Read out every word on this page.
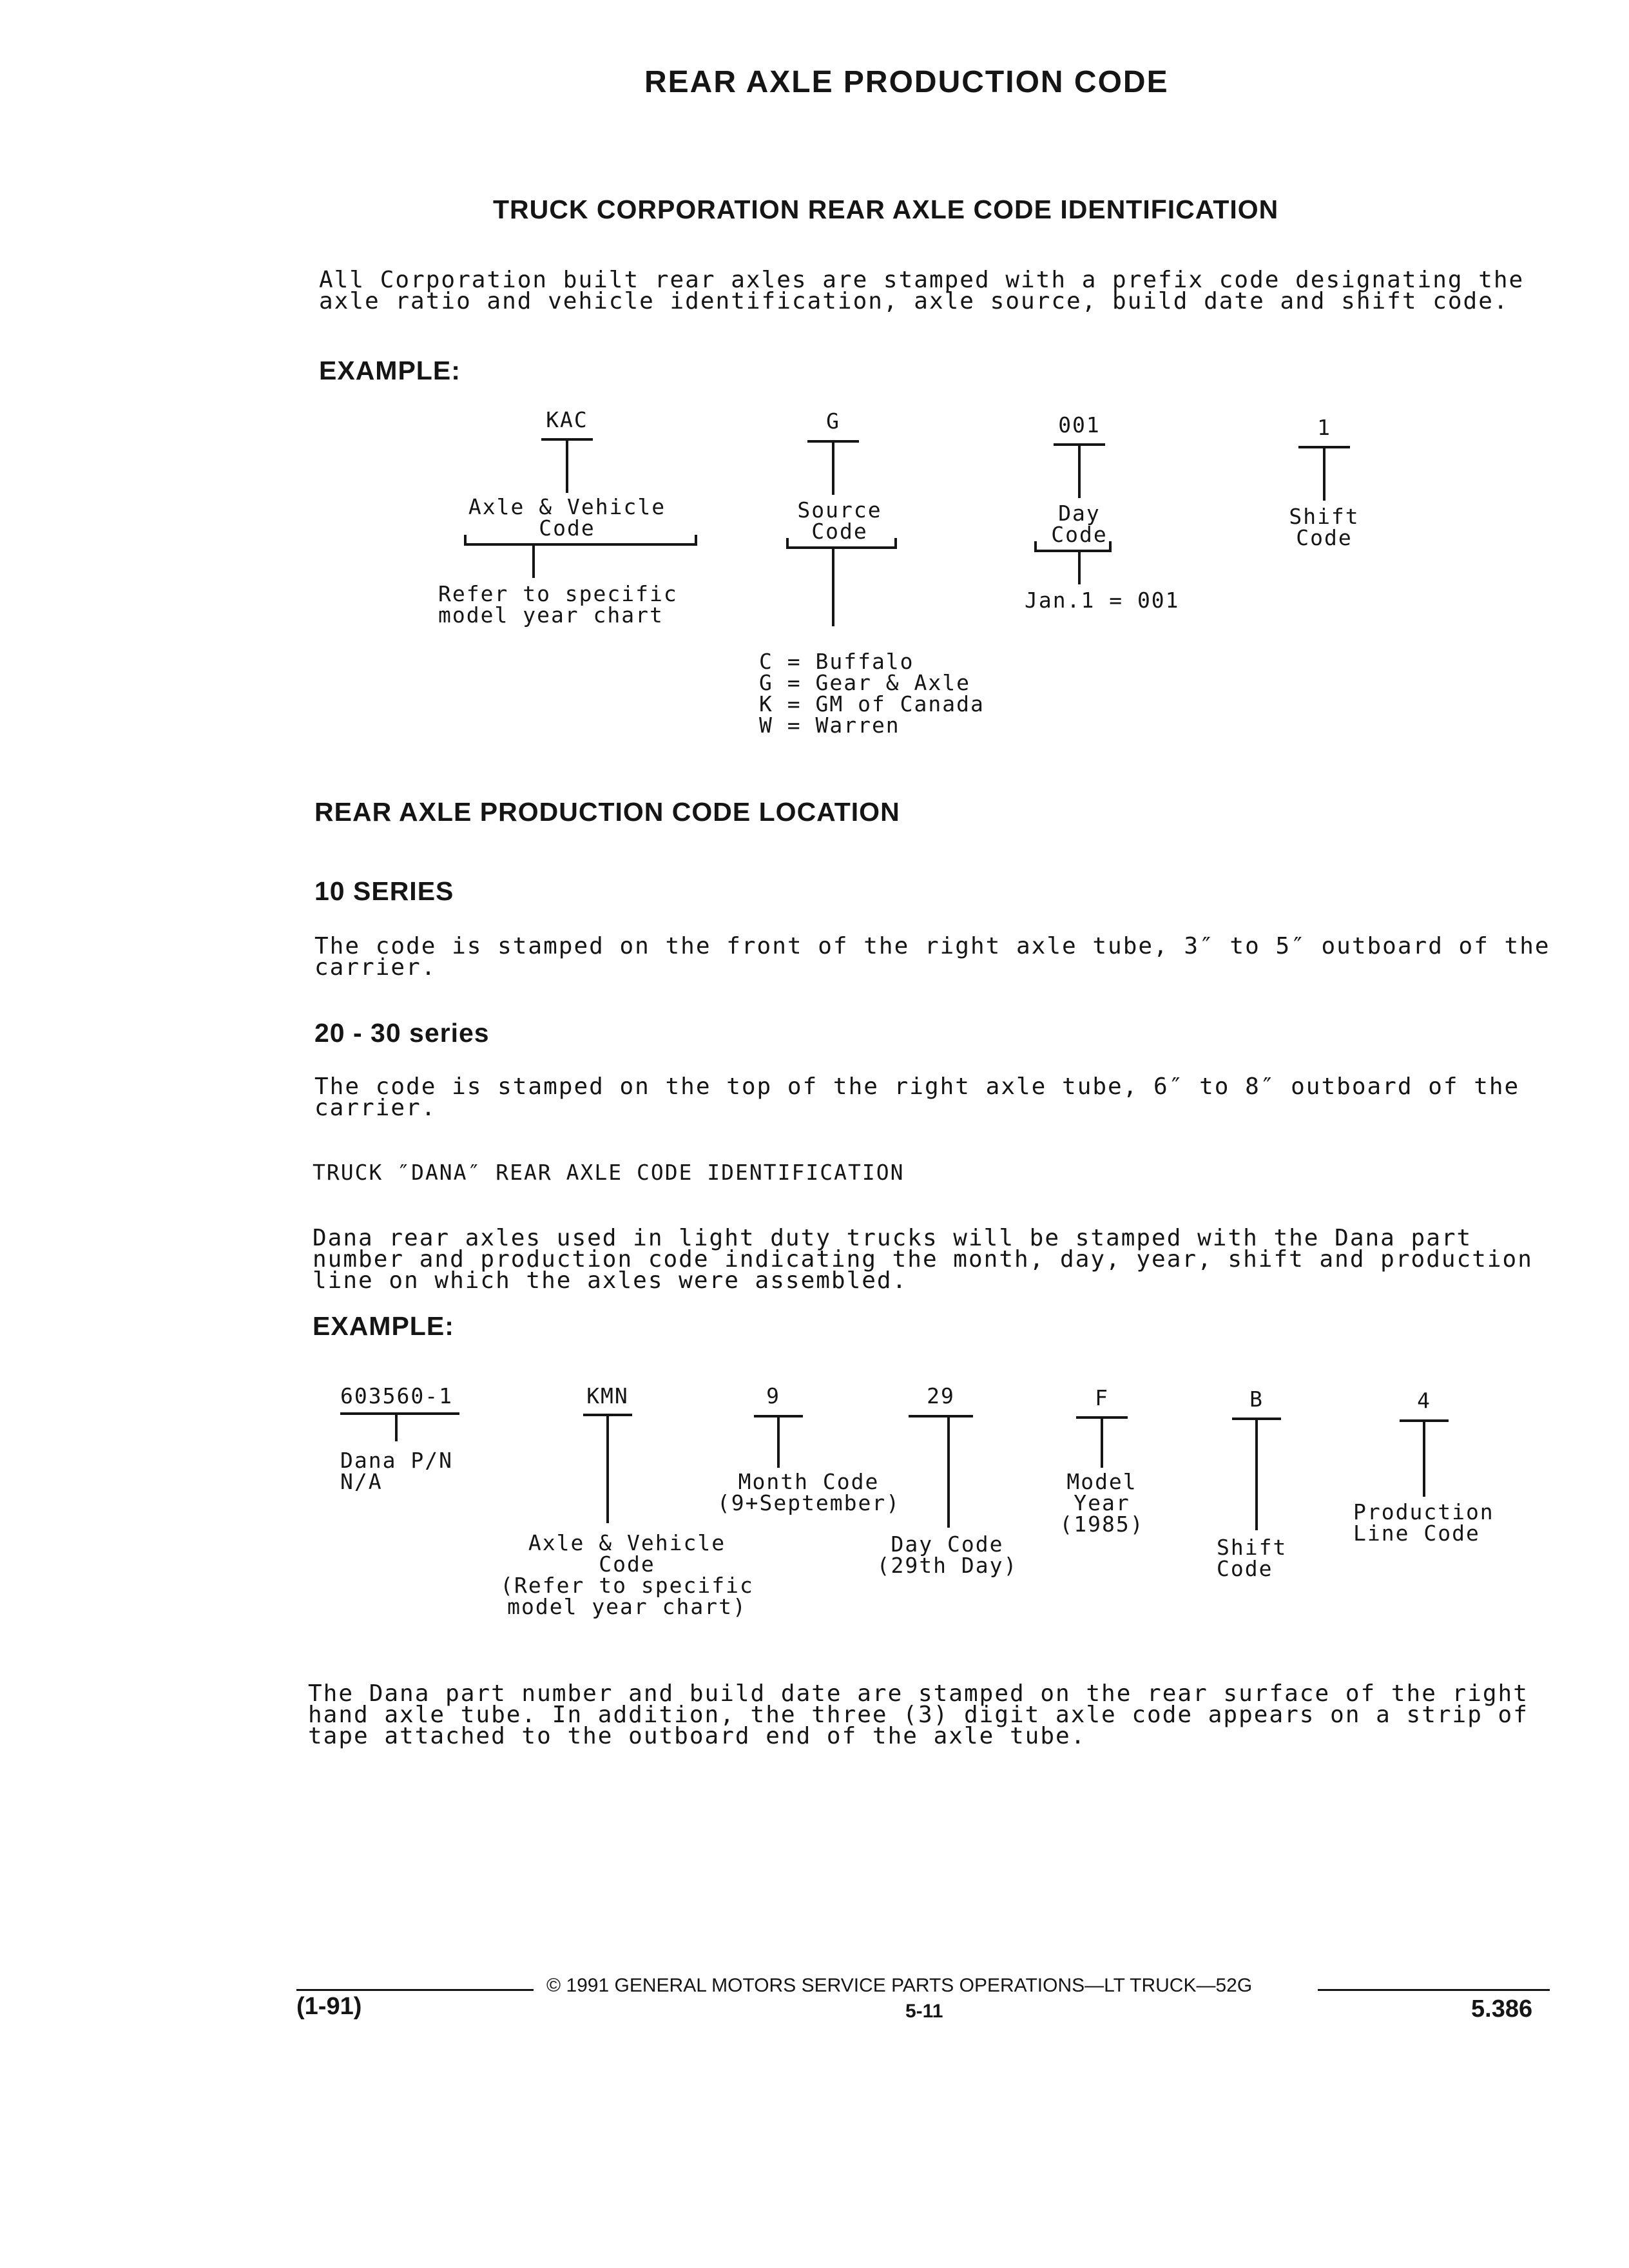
REAR AXLE PRODUCTION CODE
TRUCK CORPORATION REAR AXLE CODE IDENTIFICATION
All Corporation built rear axles are stamped with a prefix code designating the
axle ratio and vehicle identification, axle source, build date and shift code.
EXAMPLE:
KAC
Axle & Vehicle
Code
Refer to specific
model year chart
G
Source
Code
C = Buffalo
G = Gear & Axle
K = GM of Canada
W = Warren
001
Day
Code
Jan.1 = 001
1
Shift
Code
REAR AXLE PRODUCTION CODE LOCATION
10 SERIES
The code is stamped on the front of the right axle tube, 3″ to 5″ outboard of the
carrier.
20 - 30 series
The code is stamped on the top of the right axle tube, 6″ to 8″ outboard of the
carrier.
TRUCK ″DANA″ REAR AXLE CODE IDENTIFICATION
Dana rear axles used in light duty trucks will be stamped with the Dana part
number and production code indicating the month, day, year, shift and production
line on which the axles were assembled.
EXAMPLE:
603560-1
Dana P/N
N/A
KMN
Axle & Vehicle
Code
(Refer to specific
model year chart)
9
Month Code
(9+September)
29
Day Code
(29th Day)
F
Model
Year
(1985)
B
Shift
Code
4
Production
Line Code
The Dana part number and build date are stamped on the rear surface of the right
hand axle tube. In addition, the three (3) digit axle code appears on a strip of
tape attached to the outboard end of the axle tube.
© 1991 GENERAL MOTORS SERVICE PARTS OPERATIONS—LT TRUCK—52G
(1-91)	5-11	5.386
